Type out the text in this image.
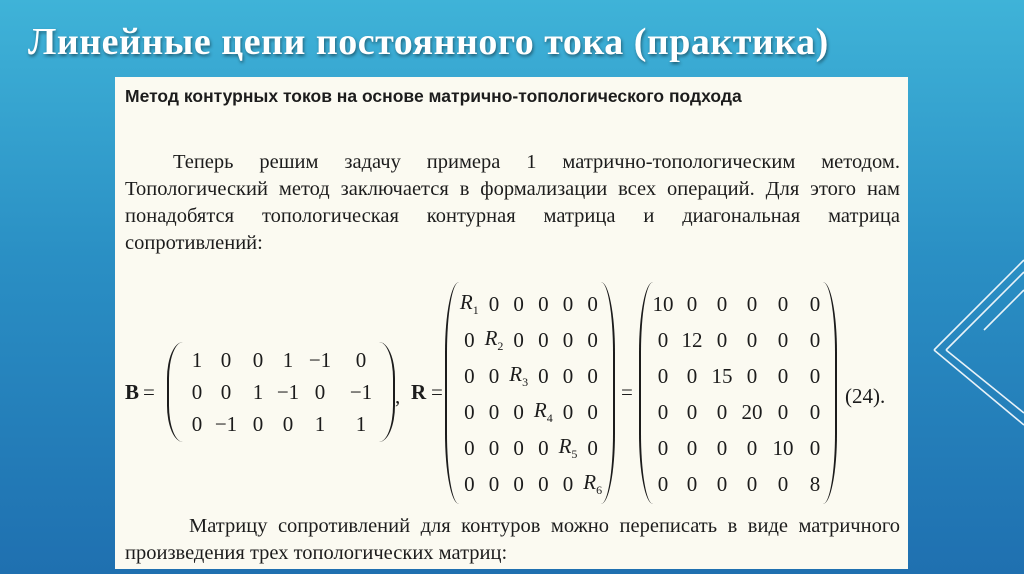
Линейные цепи постоянного тока (практика)
Метод контурных токов на основе матрично-топологического подхода
Теперь решим задачу примера 1 матрично-топологическим методом. Топологический метод заключается в формализации всех операций. Для этого нам понадобятся топологическая контурная матрица и диагональная матрица сопротивлений:
B =
1 0	0 1 −1	0
0 0	1 −1 0	−1
0 −1 0 0	1	1
, R =
$R_1$ 0 0 0 0 0
0 $R_2$ 0 0 0 0
0 0 $R_3$ 0 0 0
0 0 0 $R_4$ 0 0
0 0 0 0 $R_5$ 0
0 0 0 0 0 $R_6$
=
10 0 0 0 0	0
0 12 0 0 0	0
0 0 15 0 0	0
0 0 0 20 0	0
0 0 0 0 10 0
0 0 0 0 0	8
(24).
Матрицу сопротивлений для контуров можно переписать в виде матричного произведения трех топологических матриц:
